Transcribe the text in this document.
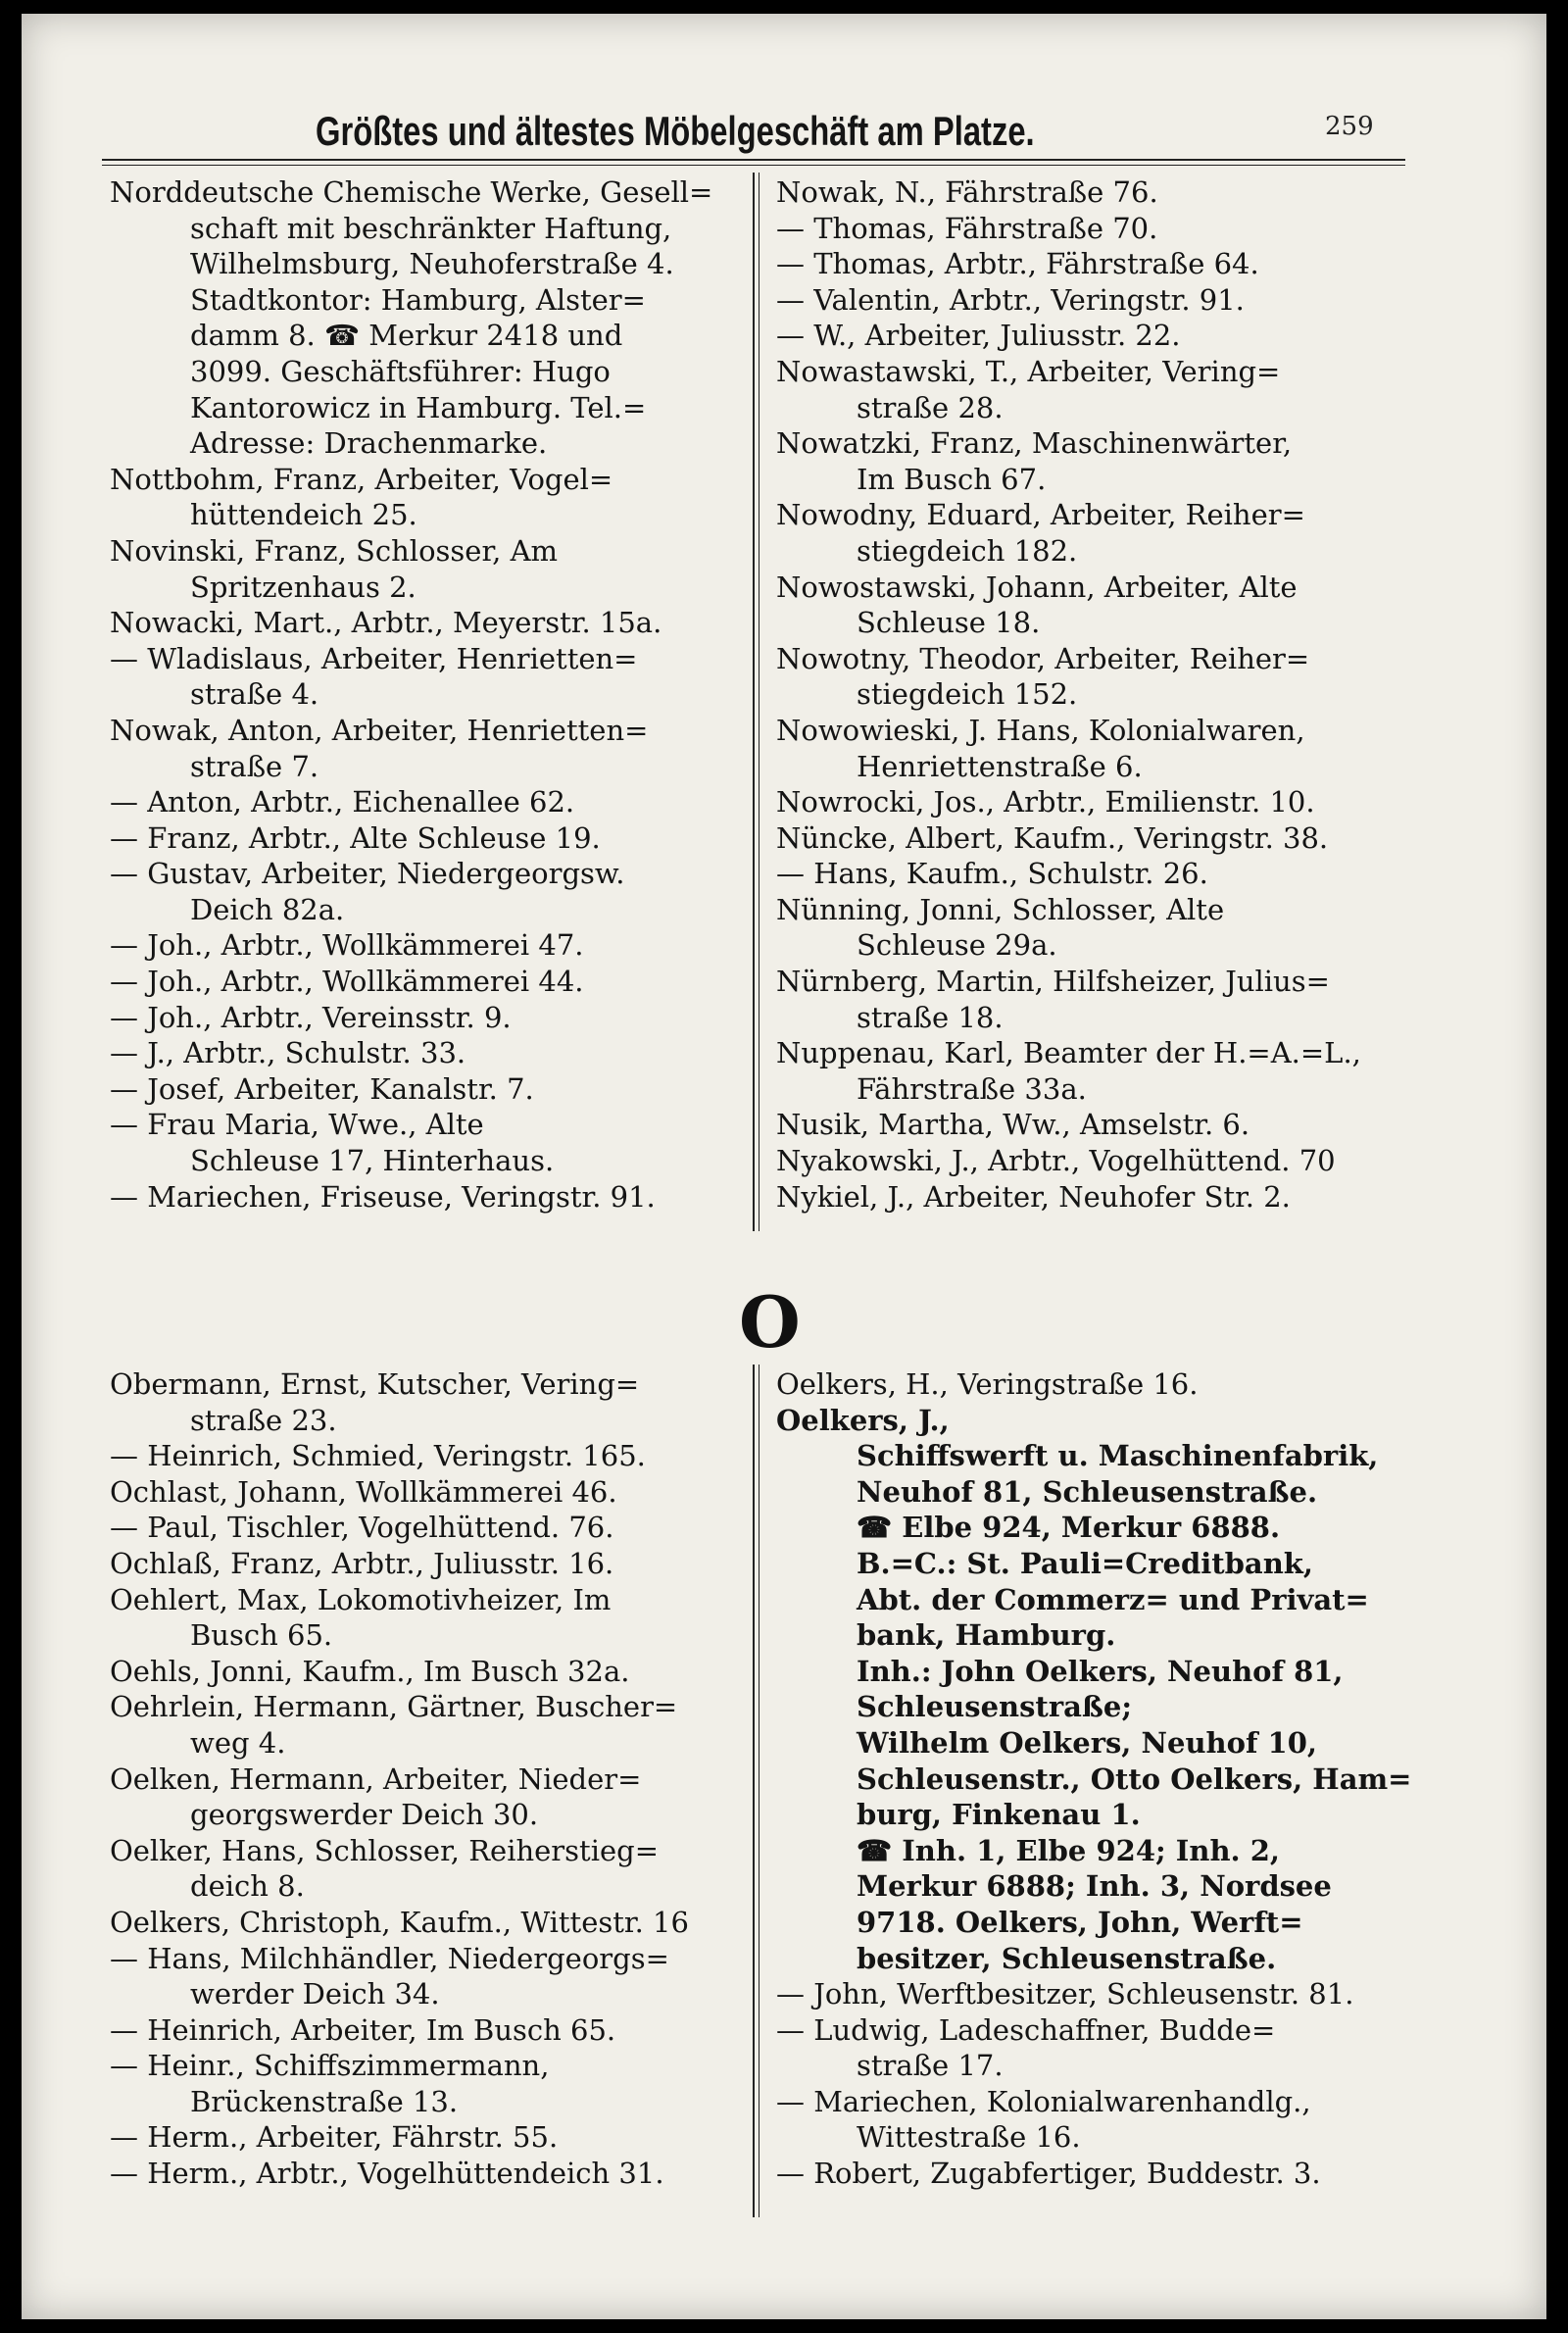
Größtes und ältestes Möbelgeschäft am Platze.	259
Norddeutsche Chemische Werke, Gesell=
schaft mit beschränkter Haftung,
Wilhelmsburg, Neuhoferstraße 4.
Stadtkontor: Hamburg, Alster=
damm 8. ☎ Merkur 2418 und
3099. Geschäftsführer: Hugo
Kantorowicz in Hamburg. Tel.=
Adresse: Drachenmarke.
Nottbohm, Franz, Arbeiter, Vogel=
hüttendeich 25.
Novinski, Franz, Schlosser, Am
Spritzenhaus 2.
Nowacki, Mart., Arbtr., Meyerstr. 15a.
— Wladislaus, Arbeiter, Henrietten=
straße 4.
Nowak, Anton, Arbeiter, Henrietten=
straße 7.
— Anton, Arbtr., Eichenallee 62.
— Franz, Arbtr., Alte Schleuse 19.
— Gustav, Arbeiter, Niedergeorgsw.
Deich 82a.
— Joh., Arbtr., Wollkämmerei 47.
— Joh., Arbtr., Wollkämmerei 44.
— Joh., Arbtr., Vereinsstr. 9.
— J., Arbtr., Schulstr. 33.
— Josef, Arbeiter, Kanalstr. 7.
— Frau Maria, Wwe., Alte
Schleuse 17, Hinterhaus.
— Mariechen, Friseuse, Veringstr. 91.
Nowak, N., Fährstraße 76.
— Thomas, Fährstraße 70.
— Thomas, Arbtr., Fährstraße 64.
— Valentin, Arbtr., Veringstr. 91.
— W., Arbeiter, Juliusstr. 22.
Nowastawski, T., Arbeiter, Vering=
straße 28.
Nowatzki, Franz, Maschinenwärter,
Im Busch 67.
Nowodny, Eduard, Arbeiter, Reiher=
stiegdeich 182.
Nowostawski, Johann, Arbeiter, Alte
Schleuse 18.
Nowotny, Theodor, Arbeiter, Reiher=
stiegdeich 152.
Nowowieski, J. Hans, Kolonialwaren,
Henriettenstraße 6.
Nowrocki, Jos., Arbtr., Emilienstr. 10.
Nüncke, Albert, Kaufm., Veringstr. 38.
— Hans, Kaufm., Schulstr. 26.
Nünning, Jonni, Schlosser, Alte
Schleuse 29a.
Nürnberg, Martin, Hilfsheizer, Julius=
straße 18.
Nuppenau, Karl, Beamter der H.=A.=L.,
Fährstraße 33a.
Nusik, Martha, Ww., Amselstr. 6.
Nyakowski, J., Arbtr., Vogelhüttend. 70
Nykiel, J., Arbeiter, Neuhofer Str. 2.
O
Obermann, Ernst, Kutscher, Vering=
straße 23.
— Heinrich, Schmied, Veringstr. 165.
Ochlast, Johann, Wollkämmerei 46.
— Paul, Tischler, Vogelhüttend. 76.
Ochlaß, Franz, Arbtr., Juliusstr. 16.
Oehlert, Max, Lokomotivheizer, Im
Busch 65.
Oehls, Jonni, Kaufm., Im Busch 32a.
Oehrlein, Hermann, Gärtner, Buscher=
weg 4.
Oelken, Hermann, Arbeiter, Nieder=
georgswerder Deich 30.
Oelker, Hans, Schlosser, Reiherstieg=
deich 8.
Oelkers, Christoph, Kaufm., Wittestr. 16
— Hans, Milchhändler, Niedergeorgs=
werder Deich 34.
— Heinrich, Arbeiter, Im Busch 65.
— Heinr., Schiffszimmermann,
Brückenstraße 13.
— Herm., Arbeiter, Fährstr. 55.
— Herm., Arbtr., Vogelhüttendeich 31.
Oelkers, H., Veringstraße 16.
Oelkers, J.,
Schiffswerft u. Maschinenfabrik,
Neuhof 81, Schleusenstraße.
☎ Elbe 924, Merkur 6888.
B.=C.: St. Pauli=Creditbank,
Abt. der Commerz= und Privat=
bank, Hamburg.
Inh.: John Oelkers, Neuhof 81,
Schleusenstraße;
Wilhelm Oelkers, Neuhof 10,
Schleusenstr., Otto Oelkers, Ham=
burg, Finkenau 1.
☎ Inh. 1, Elbe 924; Inh. 2,
Merkur 6888; Inh. 3, Nordsee
9718. Oelkers, John, Werft=
besitzer, Schleusenstraße.
— John, Werftbesitzer, Schleusenstr. 81.
— Ludwig, Ladeschaffner, Budde=
straße 17.
— Mariechen, Kolonialwarenhandlg.,
Wittestraße 16.
— Robert, Zugabfertiger, Buddestr. 3.
